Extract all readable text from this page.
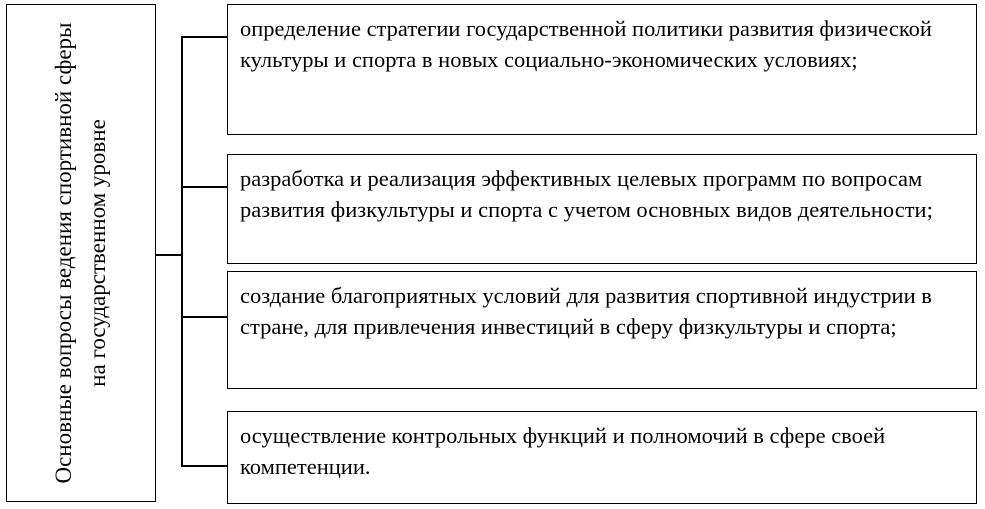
Основные вопросы ведения спортивной сферы на государственном уровне
определение стратегии государственной политики развития физической культуры и спорта в новых социально-экономических условиях;
разработка и реализация эффективных целевых программ по вопросам развития физкультуры и спорта с учетом основных видов деятельности;
создание благоприятных условий для развития спортивной индустрии в стране, для привлечения инвестиций в сферу физкультуры и спорта;
осуществление контрольных функций и полномочий в сфере своей компетенции.
